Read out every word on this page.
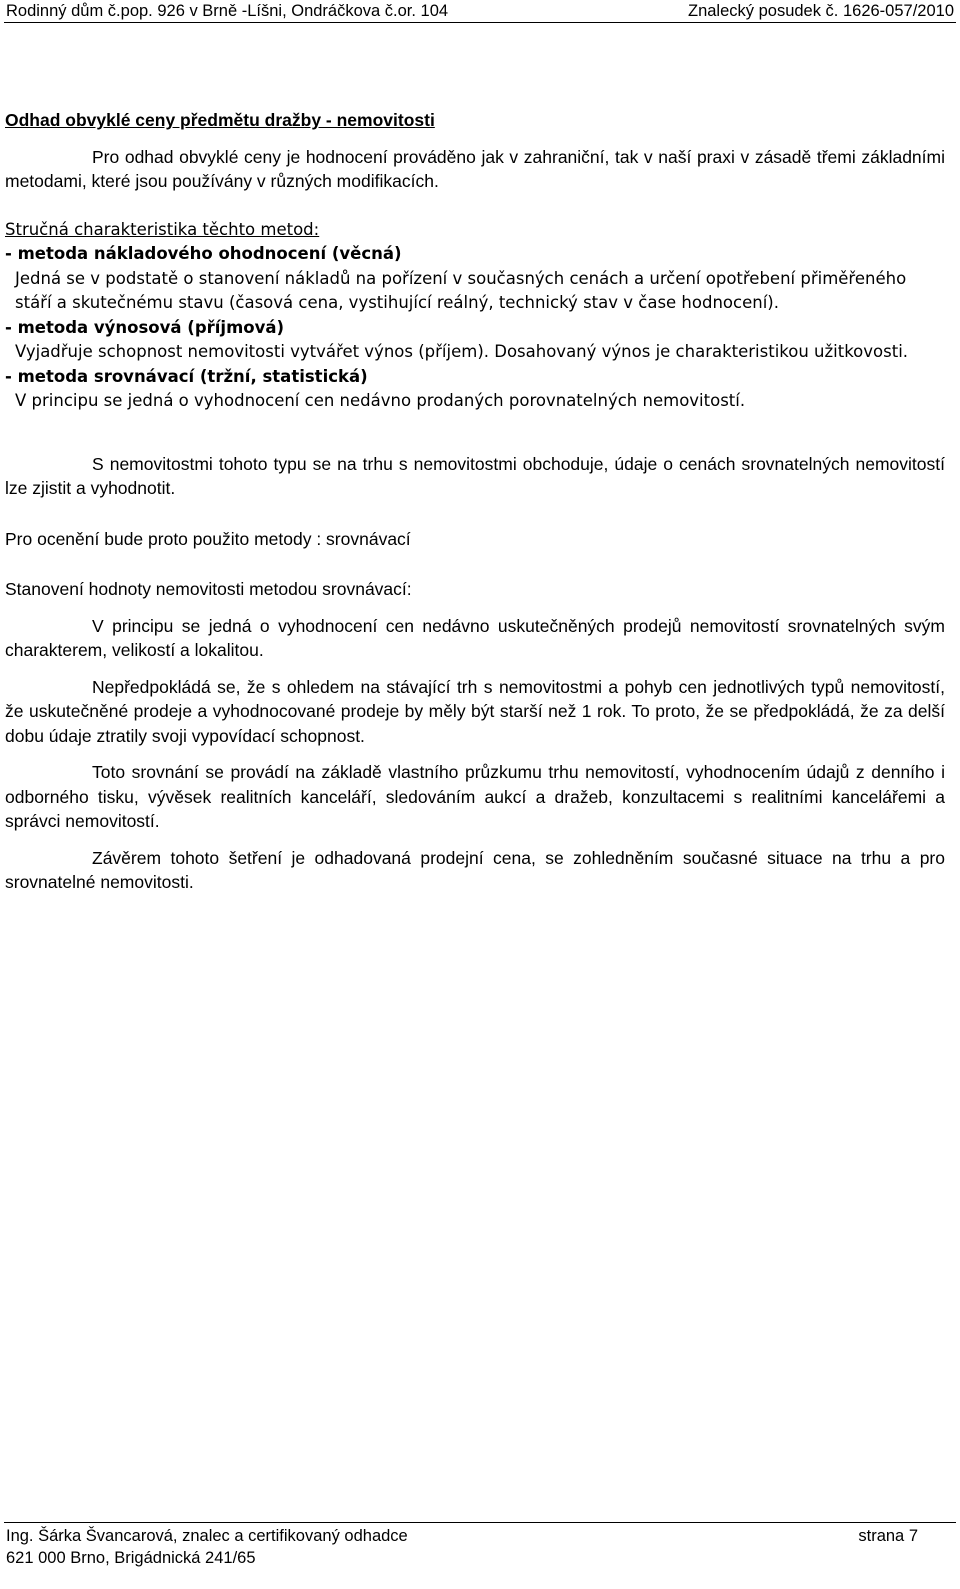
Rodinný dům č.pop. 926 v Brně -Líšni, Ondráčkova č.or. 104	Znalecký posudek č. 1626-057/2010

Odhad obvyklé ceny předmětu dražby - nemovitosti

Pro odhad obvyklé ceny je hodnocení prováděno jak v zahraniční, tak v naší praxi v zásadě třemi základními metodami, které jsou používány v různých modifikacích.

Stručná charakteristika těchto metod:

- metoda nákladového ohodnocení (věcná)

Jedná se v podstatě o stanovení nákladů na pořízení v současných cenách a určení opotřebení přiměřeného stáří a skutečnému stavu (časová cena, vystihující reálný, technický stav v čase hodnocení).

- metoda výnosová (příjmová)

Vyjadřuje schopnost nemovitosti vytvářet výnos (příjem). Dosahovaný výnos je charakteristikou užitkovosti.

- metoda srovnávací (tržní, statistická)

V principu se jedná o vyhodnocení cen nedávno prodaných porovnatelných nemovitostí.

S nemovitostmi tohoto typu se na trhu s nemovitostmi obchoduje, údaje o cenách srovnatelných nemovitostí lze zjistit a vyhodnotit.

Pro ocenění bude proto použito metody : srovnávací

Stanovení hodnoty nemovitosti metodou srovnávací:

V principu se jedná o vyhodnocení cen nedávno uskutečněných prodejů nemovitostí srovnatelných svým charakterem, velikostí a lokalitou.

Nepředpokládá se, že s ohledem na stávající trh s nemovitostmi a pohyb cen jednotlivých typů nemovitostí, že uskutečněné prodeje a vyhodnocované prodeje by měly být starší než 1 rok. To proto, že se předpokládá, že za delší dobu údaje ztratily svoji vypovídací schopnost.

Toto srovnání se provádí na základě vlastního průzkumu trhu nemovitostí, vyhodnocením údajů z denního i odborného tisku, vývěsek realitních kanceláří, sledováním aukcí a dražeb, konzultacemi s realitními kancelářemi a správci nemovitostí.

Závěrem tohoto šetření je odhadovaná prodejní cena, se zohledněním současné situace na trhu a pro srovnatelné nemovitosti.

Ing. Šárka Švancarová, znalec a certifikovaný odhadce	strana 7
621 000 Brno, Brigádnická 241/65
